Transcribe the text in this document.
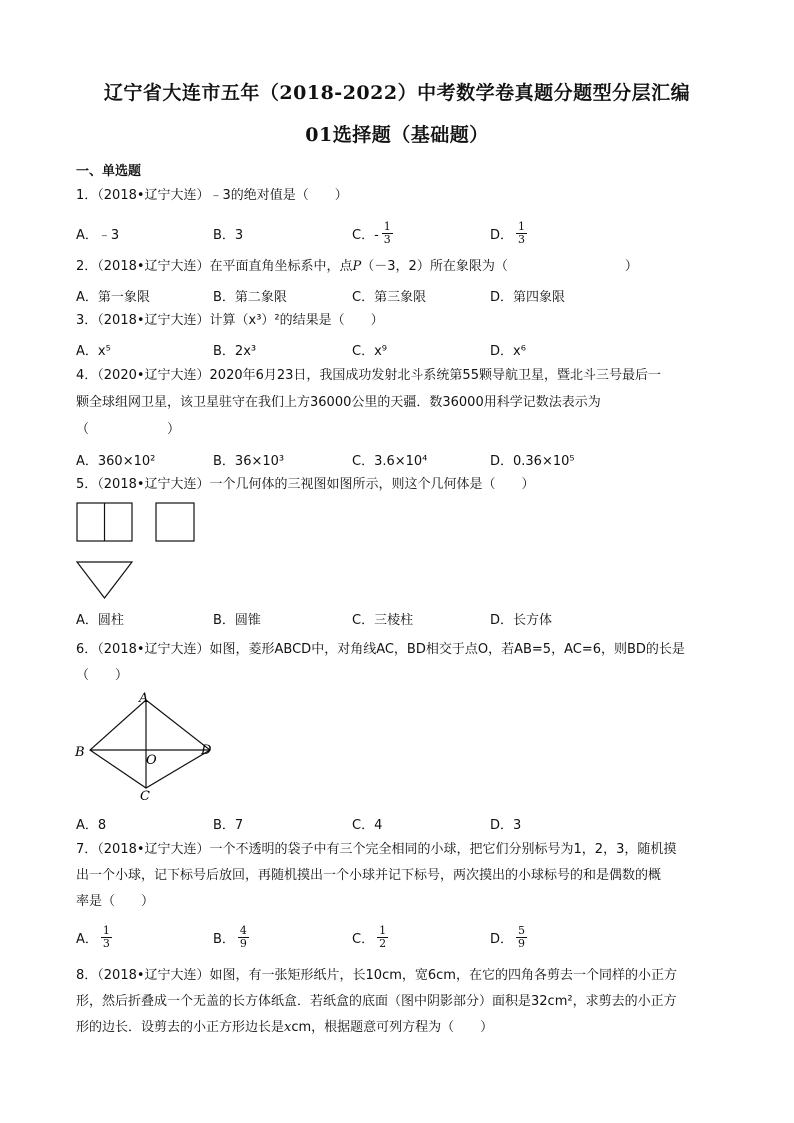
辽宁省大连市五年（2018-2022）中考数学卷真题分题型分层汇编
01选择题（基础题）
一、单选题
1．（2018•辽宁大连）﹣3的绝对值是（　　）
A．﹣3	B．3	C．- $\frac{1}{3}$	D． $\frac{1}{3}$
2．（2018•辽宁大连）在平面直角坐标系中，点P（－3，2）所在象限为（　　　　　　　　　）
A．第一象限	B．第二象限	C．第三象限	D．第四象限
3．（2018•辽宁大连）计算（x³）²的结果是（　　）
A．x⁵	B．2x³	C．x⁹	D．x⁶
4．（2020•辽宁大连）2020年6月23日，我国成功发射北斗系统第55颗导航卫星，暨北斗三号最后一
颗全球组网卫星，该卫星驻守在我们上方36000公里的天疆．数36000用科学记数法表示为
（　　　　　　）
A．360×10²	B．36×10³	C．3.6×10⁴	D．0.36×10⁵
5．（2018•辽宁大连）一个几何体的三视图如图所示，则这个几何体是（　　）
A．圆柱	B．圆锥	C．三棱柱	D．长方体
6．（2018•辽宁大连）如图，菱形ABCD中，对角线AC，BD相交于点O，若AB=5，AC=6，则BD的长是
（　　）
A
B
C
D
O
A．8	B．7	C．4	D．3
7．（2018•辽宁大连）一个不透明的袋子中有三个完全相同的小球，把它们分别标号为1，2，3，随机摸
出一个小球，记下标号后放回，再随机摸出一个小球并记下标号，两次摸出的小球标号的和是偶数的概
率是（　　）
A． $\frac{1}{3}$	B． $\frac{4}{9}$	C． $\frac{1}{2}$	D． $\frac{5}{9}$
8．（2018•辽宁大连）如图，有一张矩形纸片，长10cm，宽6cm，在它的四角各剪去一个同样的小正方
形，然后折叠成一个无盖的长方体纸盒．若纸盒的底面（图中阴影部分）面积是32cm²，求剪去的小正方
形的边长．设剪去的小正方形边长是xcm，根据题意可列方程为（　　）
